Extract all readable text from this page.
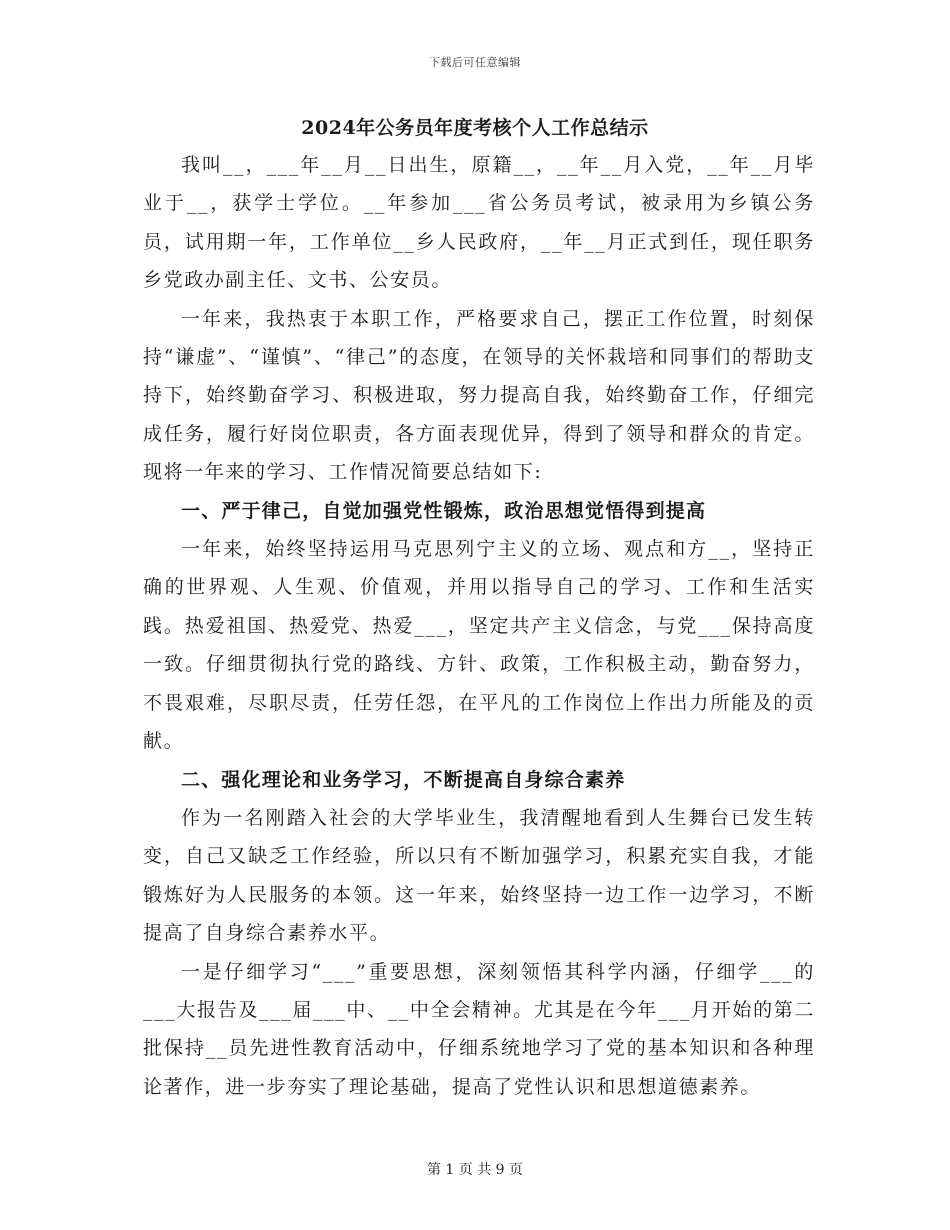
下载后可任意编辑
2024年公务员年度考核个人工作总结示

我叫__，___年__月__日出生，原籍__，__年__月入党，__年__月毕业于__，获学士学位。__年参加___省公务员考试，被录用为乡镇公务员，试用期一年，工作单位__乡人民政府，__年__月正式到任，现任职务乡党政办副主任、文书、公安员。

一年来，我热衷于本职工作，严格要求自己，摆正工作位置，时刻保持“谦虚”、“谨慎”、“律己”的态度，在领导的关怀栽培和同事们的帮助支持下，始终勤奋学习、积极进取，努力提高自我，始终勤奋工作，仔细完成任务，履行好岗位职责，各方面表现优异，得到了领导和群众的肯定。现将一年来的学习、工作情况简要总结如下:

一、严于律己，自觉加强党性锻炼，政治思想觉悟得到提高

一年来，始终坚持运用马克思列宁主义的立场、观点和方__，坚持正确的世界观、人生观、价值观，并用以指导自己的学习、工作和生活实践。热爱祖国、热爱党、热爱___，坚定共产主义信念，与党___保持高度一致。仔细贯彻执行党的路线、方针、政策，工作积极主动，勤奋努力，不畏艰难，尽职尽责，任劳任怨，在平凡的工作岗位上作出力所能及的贡献。

二、强化理论和业务学习，不断提高自身综合素养

作为一名刚踏入社会的大学毕业生，我清醒地看到人生舞台已发生转变，自己又缺乏工作经验，所以只有不断加强学习，积累充实自我，才能锻炼好为人民服务的本领。这一年来，始终坚持一边工作一边学习，不断提高了自身综合素养水平。

一是仔细学习“___”重要思想，深刻领悟其科学内涵，仔细学___的___大报告及___届___中、__中全会精神。尤其是在今年___月开始的第二批保持__员先进性教育活动中，仔细系统地学习了党的基本知识和各种理论著作，进一步夯实了理论基础，提高了党性认识和思想道德素养。

第 1 页 共 9 页
